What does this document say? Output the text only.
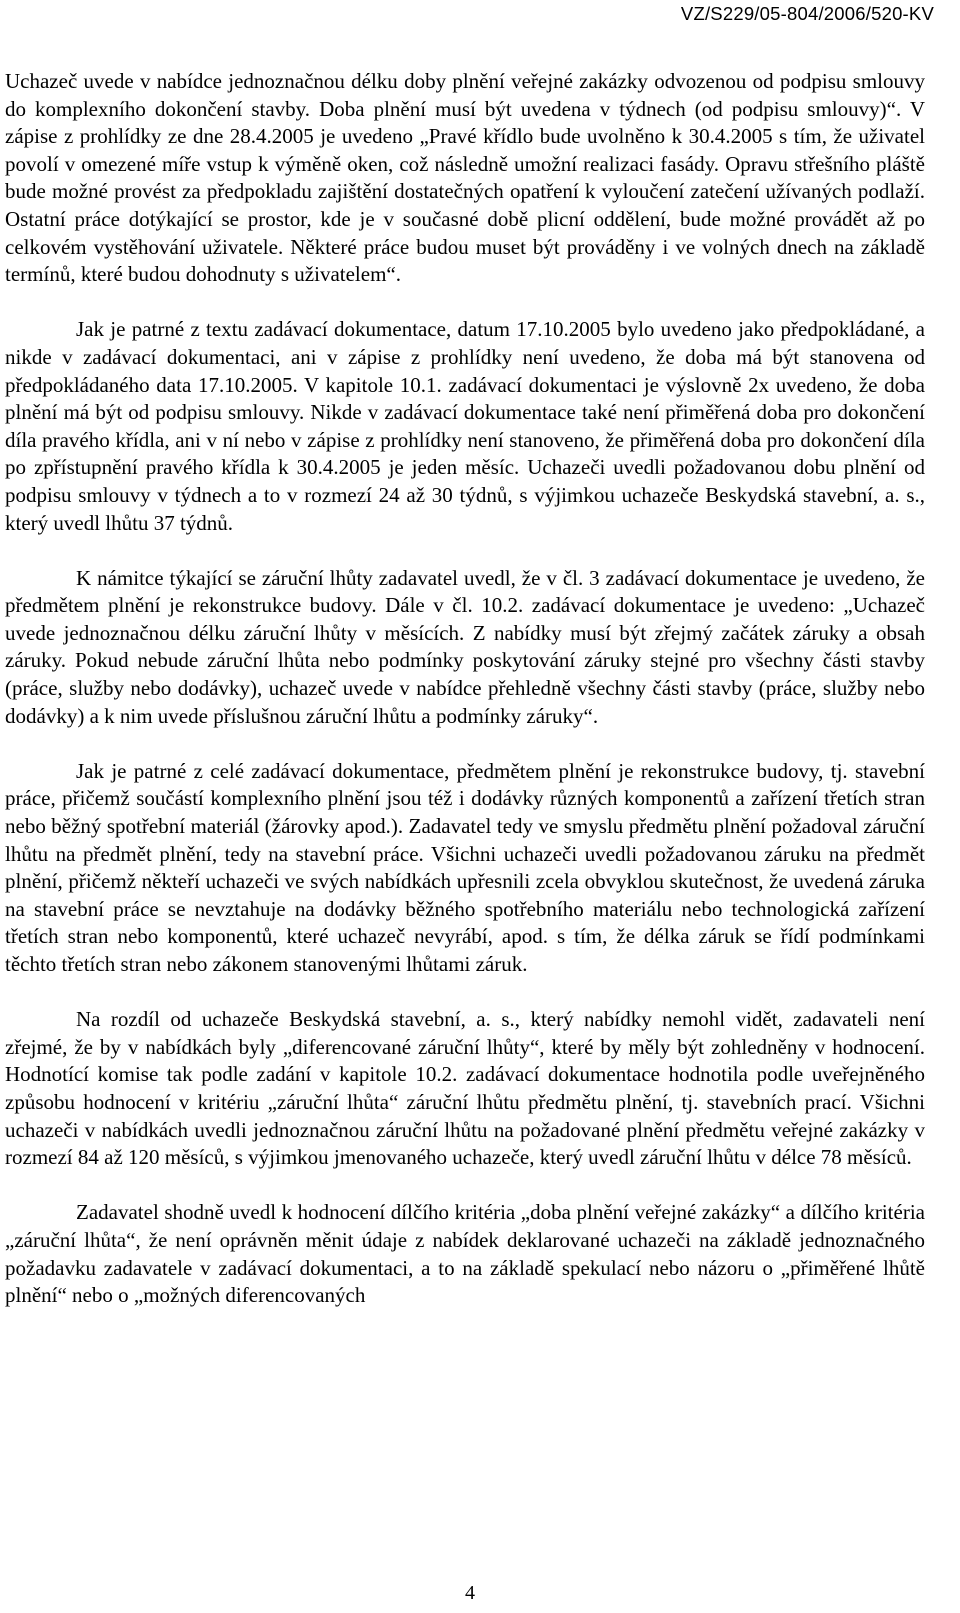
VZ/S229/05-804/2006/520-KV

Uchazeč uvede v nabídce jednoznačnou délku doby plnění veřejné zakázky odvozenou od podpisu smlouvy do komplexního dokončení stavby. Doba plnění musí být uvedena v týdnech (od podpisu smlouvy)“. V zápise z prohlídky ze dne 28.4.2005 je uvedeno „Pravé křídlo bude uvolněno k 30.4.2005 s tím, že uživatel povolí v omezené míře vstup k výměně oken, což následně umožní realizaci fasády. Opravu střešního pláště bude možné provést za předpokladu zajištění dostatečných opatření k vyloučení zatečení užívaných podlaží. Ostatní práce dotýkající se prostor, kde je v současné době plicní oddělení, bude možné provádět až po celkovém vystěhování uživatele. Některé práce budou muset být prováděny i ve volných dnech na základě termínů, které budou dohodnuty s uživatelem“.

Jak je patrné z textu zadávací dokumentace, datum 17.10.2005 bylo uvedeno jako předpokládané, a nikde v zadávací dokumentaci, ani v zápise z prohlídky není uvedeno, že doba má být stanovena od předpokládaného data 17.10.2005. V kapitole 10.1. zadávací dokumentaci je výslovně 2x uvedeno, že doba plnění má být od podpisu smlouvy. Nikde v zadávací dokumentace také není přiměřená doba pro dokončení díla pravého křídla, ani v ní nebo v zápise z prohlídky není stanoveno, že přiměřená doba pro dokončení díla po zpřístupnění pravého křídla k 30.4.2005 je jeden měsíc. Uchazeči uvedli požadovanou dobu plnění od podpisu smlouvy v týdnech a to v rozmezí 24 až 30 týdnů, s výjimkou uchazeče Beskydská stavební, a. s., který uvedl lhůtu 37 týdnů.

K námitce týkající se záruční lhůty zadavatel uvedl, že v čl. 3 zadávací dokumentace je uvedeno, že předmětem plnění je rekonstrukce budovy. Dále v čl. 10.2. zadávací dokumentace je uvedeno: „Uchazeč uvede jednoznačnou délku záruční lhůty v měsících. Z nabídky musí být zřejmý začátek záruky a obsah záruky. Pokud nebude záruční lhůta nebo podmínky poskytování záruky stejné pro všechny části stavby (práce, služby nebo dodávky), uchazeč uvede v nabídce přehledně všechny části stavby (práce, služby nebo dodávky) a k nim uvede příslušnou záruční lhůtu a podmínky záruky“.

Jak je patrné z celé zadávací dokumentace, předmětem plnění je rekonstrukce budovy, tj. stavební práce, přičemž součástí komplexního plnění jsou též i dodávky různých komponentů a zařízení třetích stran nebo běžný spotřební materiál (žárovky apod.). Zadavatel tedy ve smyslu předmětu plnění požadoval záruční lhůtu na předmět plnění, tedy na stavební práce. Všichni uchazeči uvedli požadovanou záruku na předmět plnění, přičemž někteří uchazeči ve svých nabídkách upřesnili zcela obvyklou skutečnost, že uvedená záruka na stavební práce se nevztahuje na dodávky běžného spotřebního materiálu nebo technologická zařízení třetích stran nebo komponentů, které uchazeč nevyrábí, apod. s tím, že délka záruk se řídí podmínkami těchto třetích stran nebo zákonem stanovenými lhůtami záruk.

Na rozdíl od uchazeče Beskydská stavební, a. s., který nabídky nemohl vidět, zadavateli není zřejmé, že by v nabídkách byly „diferencované záruční lhůty“, které by měly být zohledněny v hodnocení. Hodnotící komise tak podle zadání v kapitole 10.2. zadávací dokumentace hodnotila podle uveřejněného způsobu hodnocení v kritériu „záruční lhůta“ záruční lhůtu předmětu plnění, tj. stavebních prací. Všichni uchazeči v nabídkách uvedli jednoznačnou záruční lhůtu na požadované plnění předmětu veřejné zakázky v rozmezí 84 až 120 měsíců, s výjimkou jmenovaného uchazeče, který uvedl záruční lhůtu v délce 78 měsíců.

Zadavatel shodně uvedl k hodnocení dílčího kritéria „doba plnění veřejné zakázky“ a dílčího kritéria „záruční lhůta“, že není oprávněn měnit údaje z nabídek deklarované uchazeči na základě jednoznačného požadavku zadavatele v zadávací dokumentaci, a to na základě spekulací nebo názoru o „přiměřené lhůtě plnění“ nebo o „možných diferencovaných

4
